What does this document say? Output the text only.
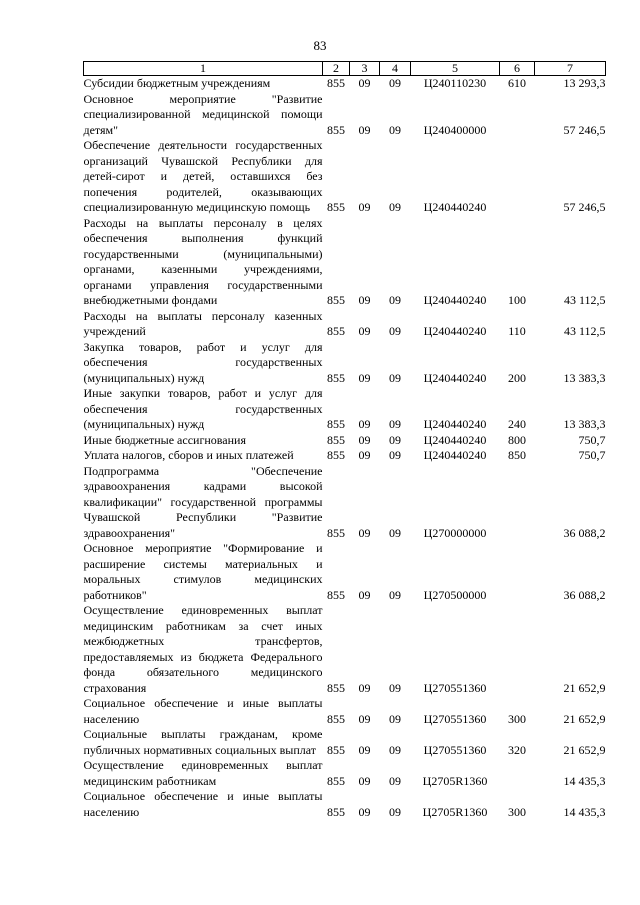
83
1	2	3	4	5	6	7
Субсидии бюджетным учреждениям	855	09	09	Ц240110230	610	13 293,3
Основное мероприятие "Развитие специализированной медицинской помощи детям"	855	09	09	Ц240400000		57 246,5
Обеспечение деятельности государственных организаций Чувашской Республики для детей-сирот и детей, оставшихся без попечения родителей, оказывающих специализированную медицинскую помощь	855	09	09	Ц240440240		57 246,5
Расходы на выплаты персоналу в целях обеспечения выполнения функций государственными (муниципальными) органами, казенными учреждениями, органами управления государственными внебюджетными фондами	855	09	09	Ц240440240	100	43 112,5
Расходы на выплаты персоналу казенных учреждений	855	09	09	Ц240440240	110	43 112,5
Закупка товаров, работ и услуг для обеспечения государственных (муниципальных) нужд	855	09	09	Ц240440240	200	13 383,3
Иные закупки товаров, работ и услуг для обеспечения государственных (муниципальных) нужд	855	09	09	Ц240440240	240	13 383,3
Иные бюджетные ассигнования	855	09	09	Ц240440240	800	750,7
Уплата налогов, сборов и иных платежей	855	09	09	Ц240440240	850	750,7
Подпрограмма "Обеспечение здравоохранения кадрами высокой квалификации" государственной программы Чувашской Республики "Развитие здравоохранения"	855	09	09	Ц270000000		36 088,2
Основное мероприятие "Формирование и расширение системы материальных и моральных стимулов медицинских работников"	855	09	09	Ц270500000		36 088,2
Осуществление единовременных выплат медицинским работникам за счет иных межбюджетных трансфертов, предоставляемых из бюджета Федерального фонда обязательного медицинского страхования	855	09	09	Ц270551360		21 652,9
Социальное обеспечение и иные выплаты населению	855	09	09	Ц270551360	300	21 652,9
Социальные выплаты гражданам, кроме публичных нормативных социальных выплат	855	09	09	Ц270551360	320	21 652,9
Осуществление единовременных выплат медицинским работникам	855	09	09	Ц2705R1360		14 435,3
Социальное обеспечение и иные выплаты населению	855	09	09	Ц2705R1360	300	14 435,3
